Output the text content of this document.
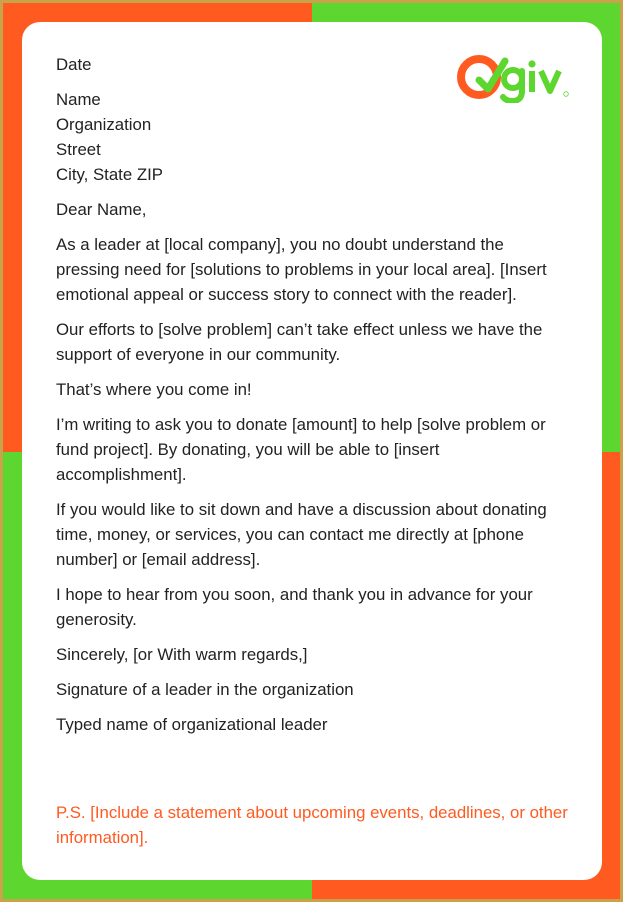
Date

Name

Organization

Street

City, State ZIP

Dear Name,

As a leader at [local company], you no doubt understand the pressing need for [solutions to problems in your local area]. [Insert emotional appeal or success story to connect with the reader].

Our efforts to [solve problem] can’t take effect unless we have the support of everyone in our community.

That’s where you come in!

I’m writing to ask you to donate [amount] to help [solve problem or fund project]. By donating, you will be able to [insert accomplishment].

If you would like to sit down and have a discussion about donating time, money, or services, you can contact me directly at [phone number] or [email address].

I hope to hear from you soon, and thank you in advance for your generosity.

Sincerely, [or With warm regards,]

Signature of a leader in the organization

Typed name of organizational leader

P.S. [Include a statement about upcoming events, deadlines, or other information].
